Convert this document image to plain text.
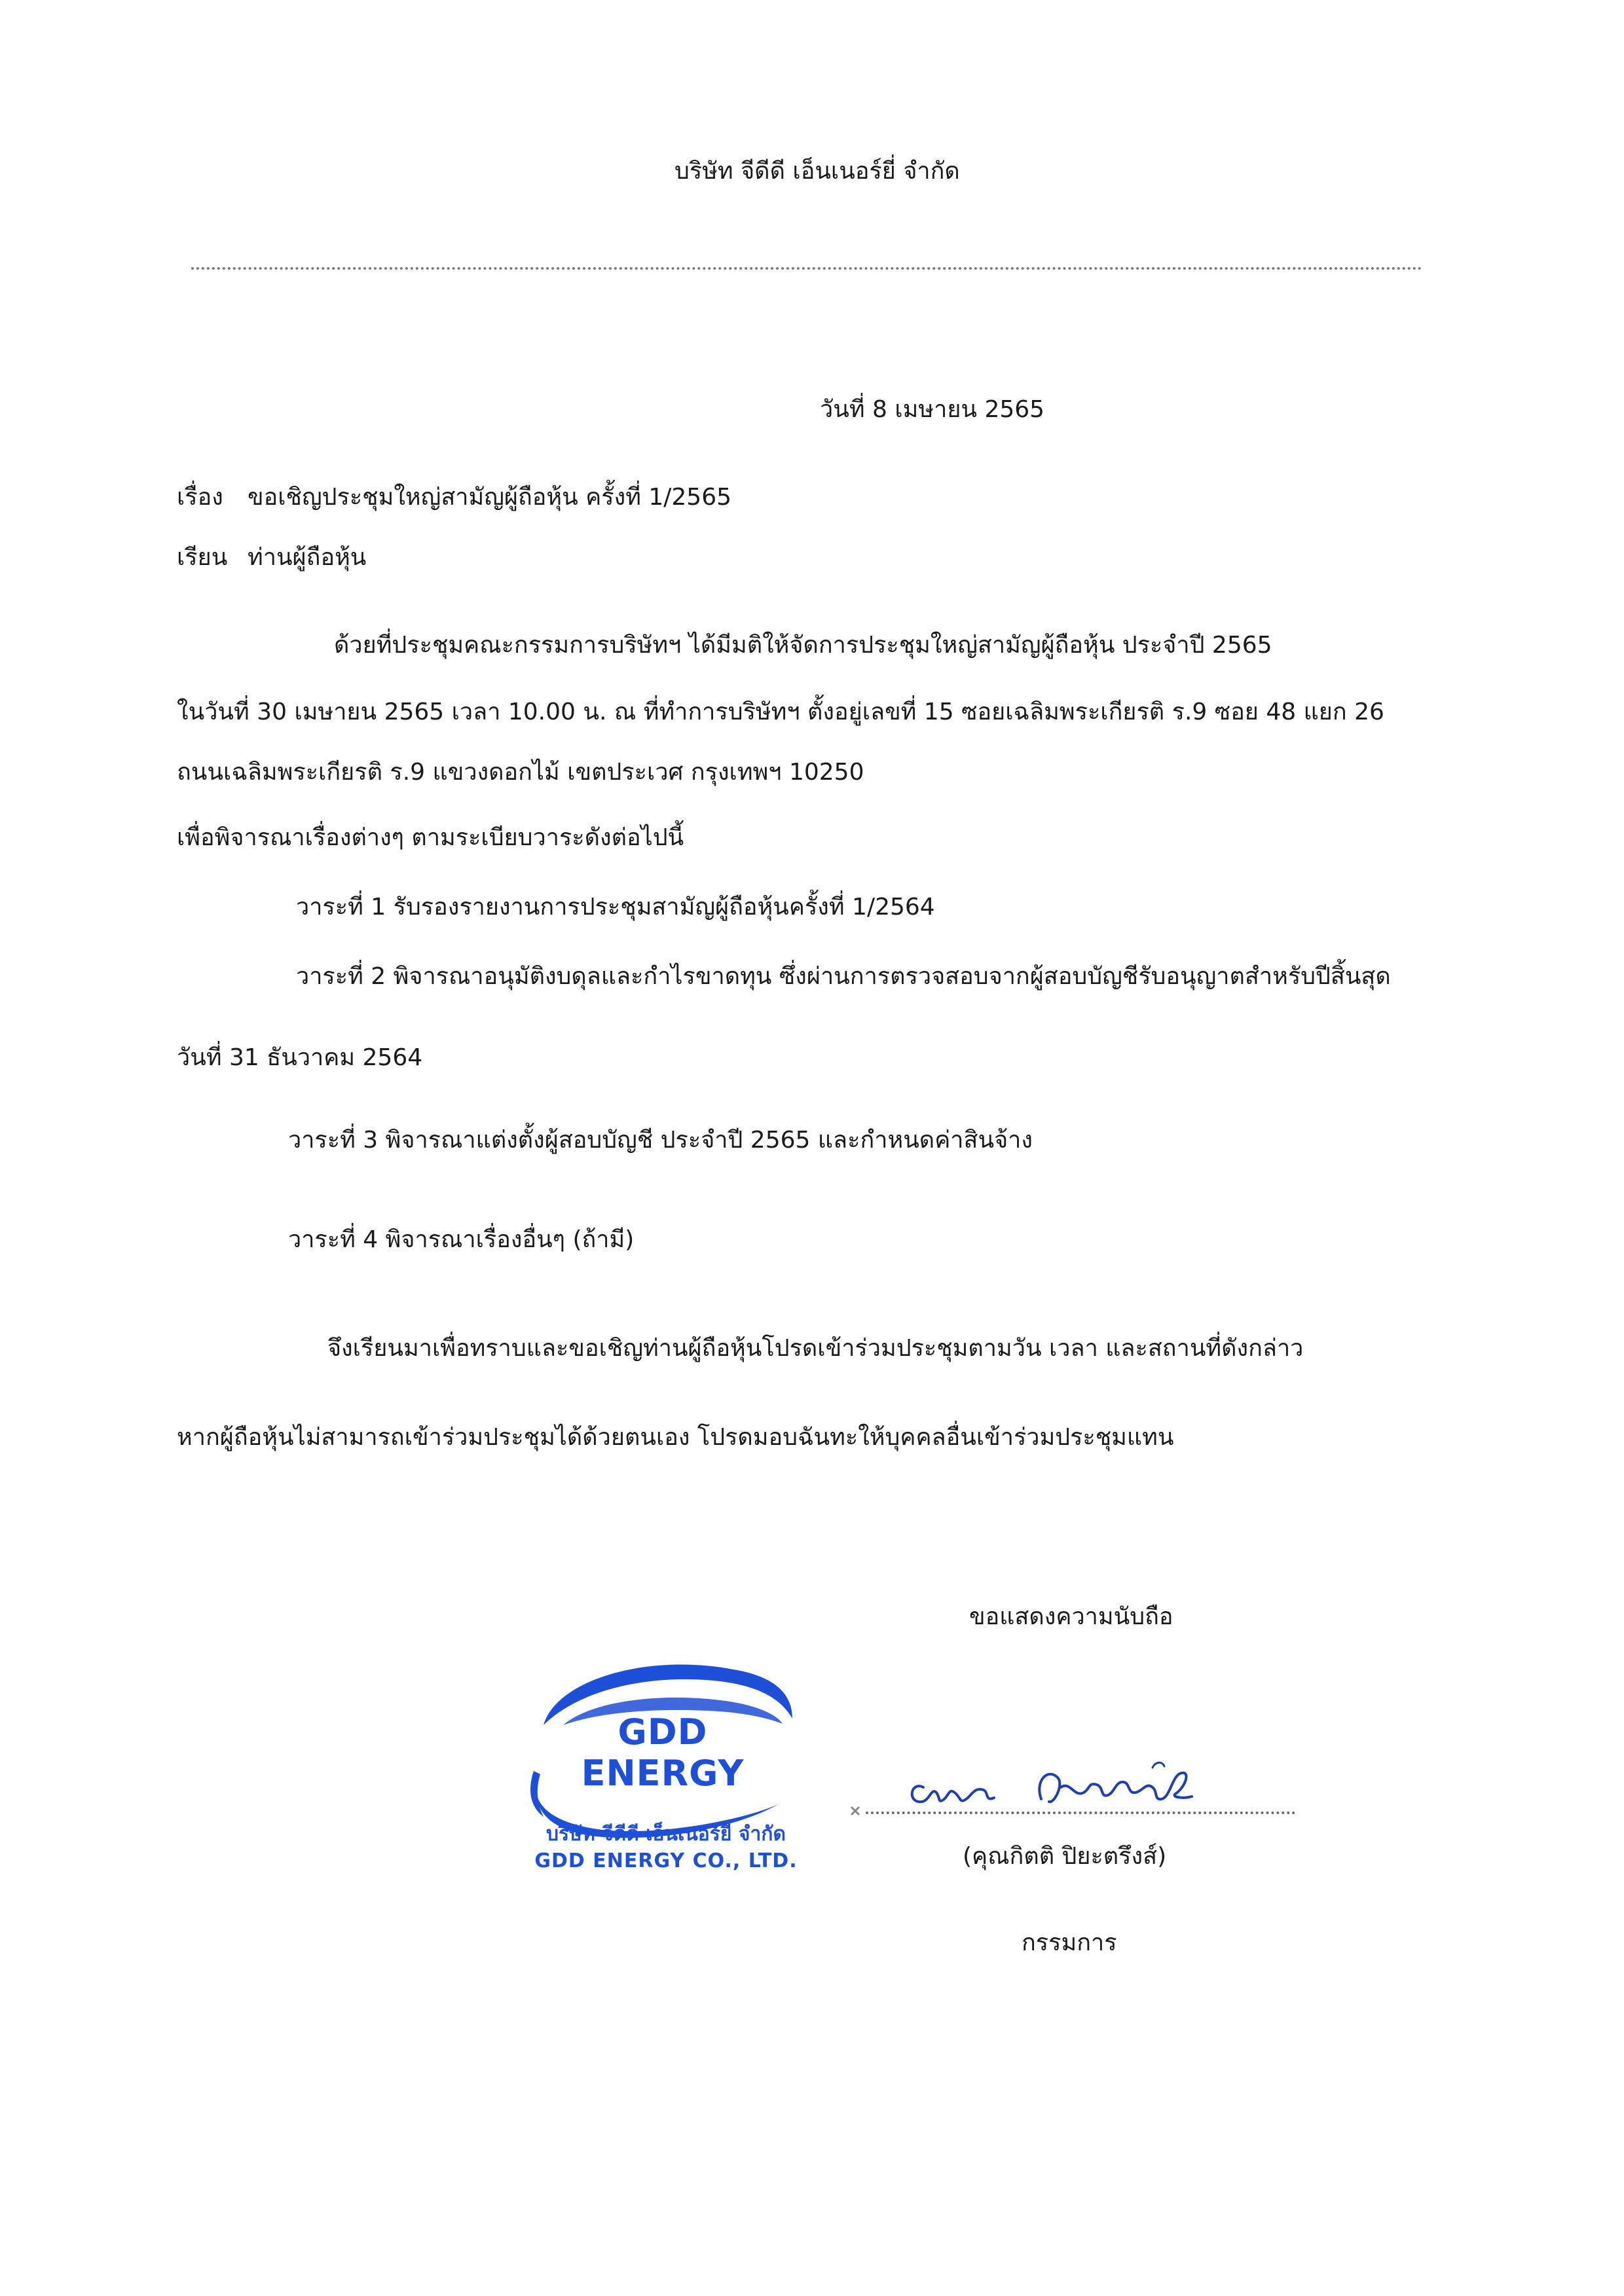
บริษัท จีดีดี เอ็นเนอร์ยี่ จำกัด
วันที่ 8 เมษายน 2565
เรื่อง ขอเชิญประชุมใหญ่สามัญผู้ถือหุ้น ครั้งที่ 1/2565
เรียน ท่านผู้ถือหุ้น
ด้วยที่ประชุมคณะกรรมการบริษัทฯ ได้มีมติให้จัดการประชุมใหญ่สามัญผู้ถือหุ้น ประจำปี 2565
ในวันที่ 30 เมษายน 2565 เวลา 10.00 น. ณ ที่ทำการบริษัทฯ ตั้งอยู่เลขที่ 15 ซอยเฉลิมพระเกียรติ ร.9 ซอย 48 แยก 26
ถนนเฉลิมพระเกียรติ ร.9 แขวงดอกไม้ เขตประเวศ กรุงเทพฯ 10250
เพื่อพิจารณาเรื่องต่างๆ ตามระเบียบวาระดังต่อไปนี้
วาระที่ 1 รับรองรายงานการประชุมสามัญผู้ถือหุ้นครั้งที่ 1/2564
วาระที่ 2 พิจารณาอนุมัติงบดุลและกำไรขาดทุน ซึ่งผ่านการตรวจสอบจากผู้สอบบัญชีรับอนุญาตสำหรับปีสิ้นสุด
วันที่ 31 ธันวาคม 2564
วาระที่ 3 พิจารณาแต่งตั้งผู้สอบบัญชี ประจำปี 2565 และกำหนดค่าสินจ้าง
วาระที่ 4 พิจารณาเรื่องอื่นๆ (ถ้ามี)
จึงเรียนมาเพื่อทราบและขอเชิญท่านผู้ถือหุ้นโปรดเข้าร่วมประชุมตามวัน เวลา และสถานที่ดังกล่าว
หากผู้ถือหุ้นไม่สามารถเข้าร่วมประชุมได้ด้วยตนเอง โปรดมอบฉันทะให้บุคคลอื่นเข้าร่วมประชุมแทน
ขอแสดงความนับถือ
GDD ENERGY
บริษัท จีดีดี เอ็นเนอร์ยี่ จำกัด
GDD ENERGY CO., LTD.	(คุณกิตติ ปิยะตรึงส์)
กรรมการ
